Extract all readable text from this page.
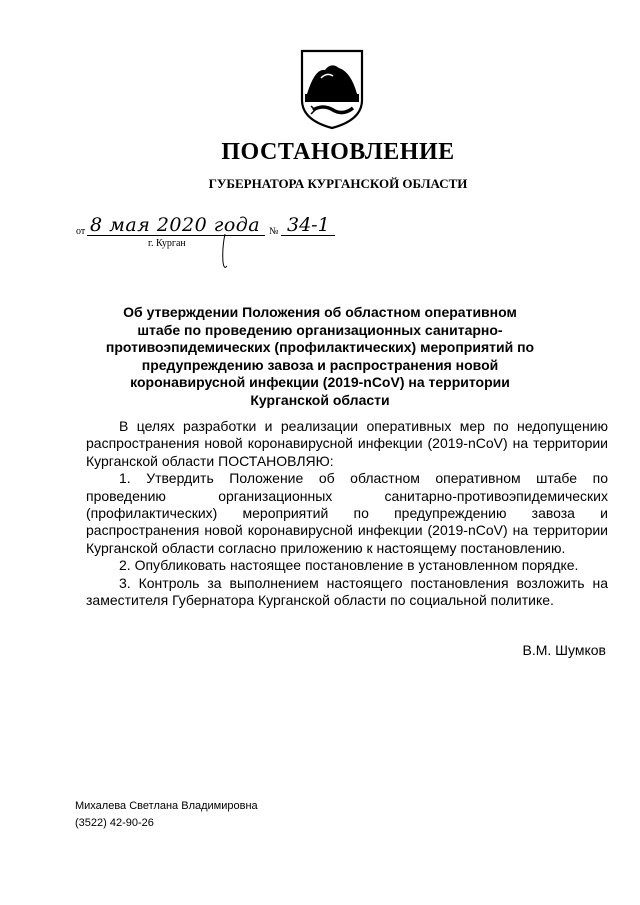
ПОСТАНОВЛЕНИЕ
ГУБЕРНАТОРА КУРГАНСКОЙ ОБЛАСТИ
от 8 мая 2020 года № 34-1
г. Курган
Об утверждении Положения об областном оперативном штабе по проведению организационных санитарно-противоэпидемических (профилактических) мероприятий по предупреждению завоза и распространения новой коронавирусной инфекции (2019-nCoV) на территории Курганской области

В целях разработки и реализации оперативных мер по недопущению распространения новой коронавирусной инфекции (2019-nCoV) на территории Курганской области ПОСТАНОВЛЯЮ:

1. Утвердить Положение об областном оперативном штабе по проведению организационных санитарно-противоэпидемических (профилактических) мероприятий по предупреждению завоза и распространения новой коронавирусной инфекции (2019-nCoV) на территории Курганской области согласно приложению к настоящему постановлению.

2. Опубликовать настоящее постановление в установленном порядке.

3. Контроль за выполнением настоящего постановления возложить на заместителя Губернатора Курганской области по социальной политике.

В.М. Шумков
Михалева Светлана Владимировна
(3522) 42-90-26
